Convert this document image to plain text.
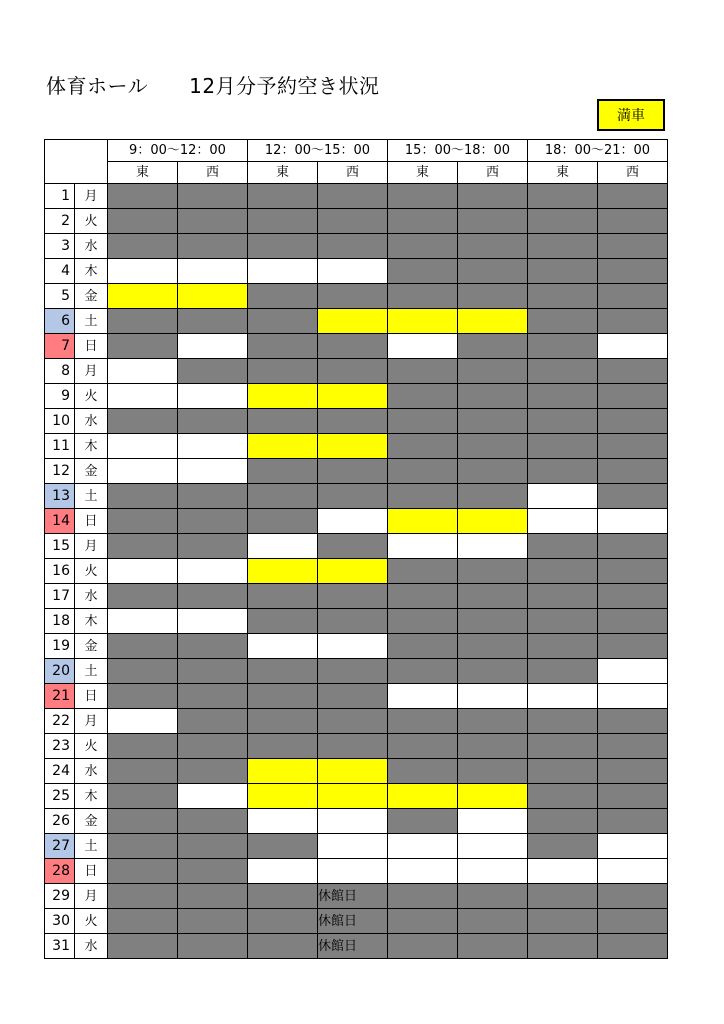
体育ホール　　12月分予約空き状況
満車
		9：00〜12：00		12：00〜15：00		15：00〜18：00		18：00〜21：00	
		東	西	東	西	東	西	東	西
1	月								
2	火								
3	水								
4	木								
5	金								
6	土								
7	日								
8	月								
9	火								
10	水								
11	木								
12	金								
13	土								
14	日								
15	月								
16	火								
17	水								
18	木								
19	金								
20	土								
21	日								
22	月								
23	火								
24	水								
25	木								
26	金								
27	土								
28	日								
29	月				休館日				
30	火				休館日				
31	水				休館日				
